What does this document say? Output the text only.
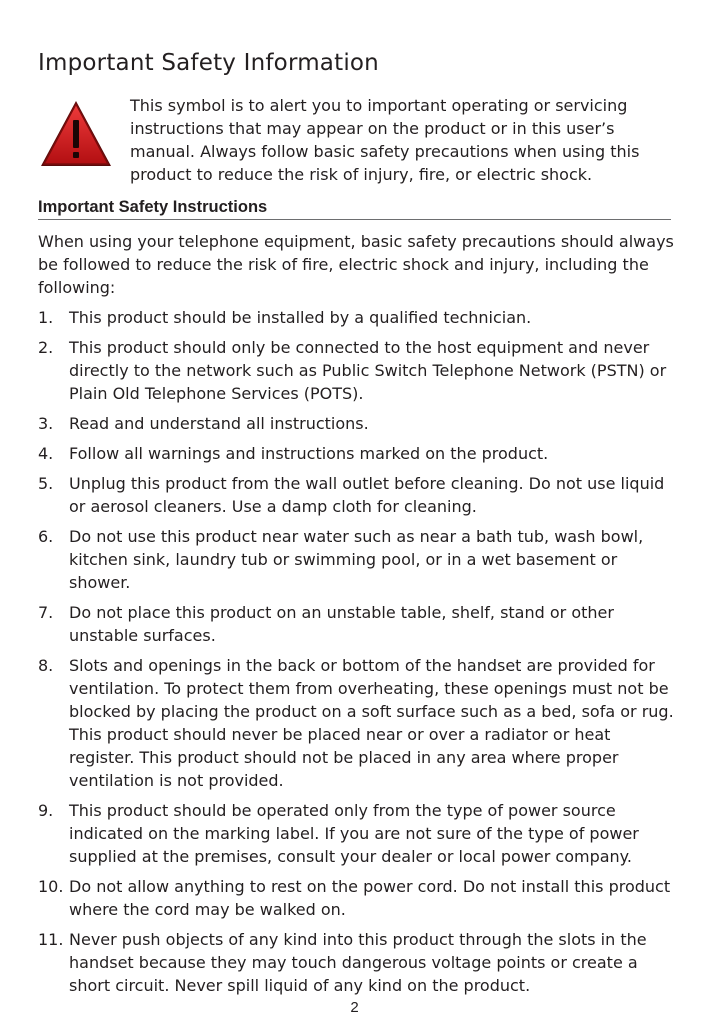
Important Safety Information

This symbol is to alert you to important operating or servicing instructions that may appear on the product or in this user’s manual. Always follow basic safety precautions when using this product to reduce the risk of injury, fire, or electric shock.

Important Safety Instructions

When using your telephone equipment, basic safety precautions should always be followed to reduce the risk of fire, electric shock and injury, including the following:

1. This product should be installed by a qualified technician.
2. This product should only be connected to the host equipment and never directly to the network such as Public Switch Telephone Network (PSTN) or Plain Old Telephone Services (POTS).
3. Read and understand all instructions.
4. Follow all warnings and instructions marked on the product.
5. Unplug this product from the wall outlet before cleaning. Do not use liquid or aerosol cleaners. Use a damp cloth for cleaning.
6. Do not use this product near water such as near a bath tub, wash bowl, kitchen sink, laundry tub or swimming pool, or in a wet basement or shower.
7. Do not place this product on an unstable table, shelf, stand or other unstable surfaces.
8. Slots and openings in the back or bottom of the handset are provided for ventilation. To protect them from overheating, these openings must not be blocked by placing the product on a soft surface such as a bed, sofa or rug. This product should never be placed near or over a radiator or heat register. This product should not be placed in any area where proper ventilation is not provided.
9. This product should be operated only from the type of power source indicated on the marking label. If you are not sure of the type of power supplied at the premises, consult your dealer or local power company.
10. Do not allow anything to rest on the power cord. Do not install this product where the cord may be walked on.
11. Never push objects of any kind into this product through the slots in the handset because they may touch dangerous voltage points or create a short circuit. Never spill liquid of any kind on the product.
2
